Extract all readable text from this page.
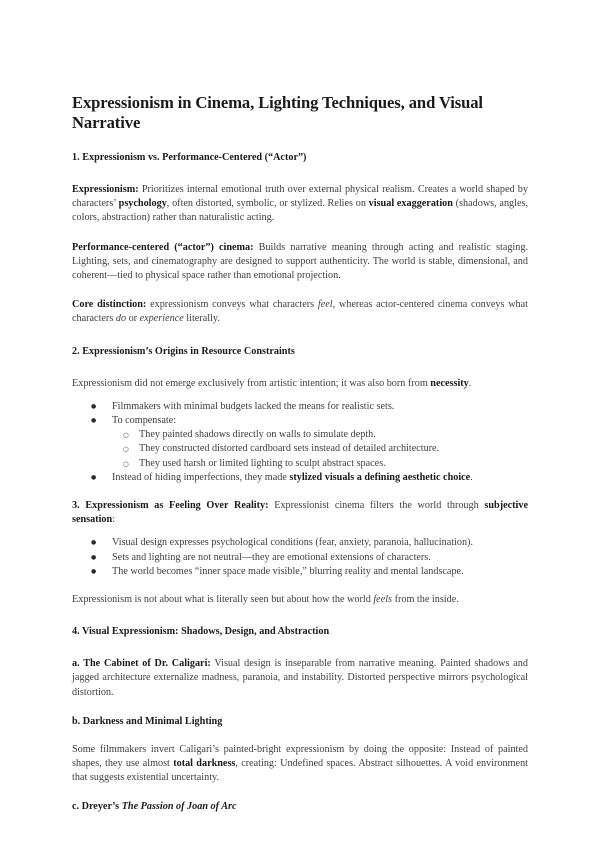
Expressionism in Cinema, Lighting Techniques, and Visual Narrative
1. Expressionism vs. Performance-Centered (“Actor”)

Expressionism: Prioritizes internal emotional truth over external physical realism. Creates a world shaped by characters’ psychology, often distorted, symbolic, or stylized. Relies on visual exaggeration (shadows, angles, colors, abstraction) rather than naturalistic acting.

Performance-centered (“actor”) cinema: Builds narrative meaning through acting and realistic staging. Lighting, sets, and cinematography are designed to support authenticity. The world is stable, dimensional, and coherent—tied to physical space rather than emotional projection.

Core distinction: expressionism conveys what characters feel, whereas actor-centered cinema conveys what characters do or experience literally.

2. Expressionism’s Origins in Resource Constraints

Expressionism did not emerge exclusively from artistic intention; it was also born from necessity.

● Filmmakers with minimal budgets lacked the means for realistic sets.
● To compensate:
○ They painted shadows directly on walls to simulate depth.
○ They constructed distorted cardboard sets instead of detailed architecture.
○ They used harsh or limited lighting to sculpt abstract spaces.
● Instead of hiding imperfections, they made stylized visuals a defining aesthetic choice.

3. Expressionism as Feeling Over Reality: Expressionist cinema filters the world through subjective sensation:

● Visual design expresses psychological conditions (fear, anxiety, paranoia, hallucination).
● Sets and lighting are not neutral—they are emotional extensions of characters.
● The world becomes “inner space made visible,” blurring reality and mental landscape.

Expressionism is not about what is literally seen but about how the world feels from the inside.

4. Visual Expressionism: Shadows, Design, and Abstraction

a. The Cabinet of Dr. Caligari: Visual design is inseparable from narrative meaning. Painted shadows and jagged architecture externalize madness, paranoia, and instability. Distorted perspective mirrors psychological distortion.

b. Darkness and Minimal Lighting

Some filmmakers invert Caligari’s painted-bright expressionism by doing the opposite: Instead of painted shapes, they use almost total darkness, creating: Undefined spaces. Abstract silhouettes. A void environment that suggests existential uncertainty.

c. Dreyer’s The Passion of Joan of Arc
